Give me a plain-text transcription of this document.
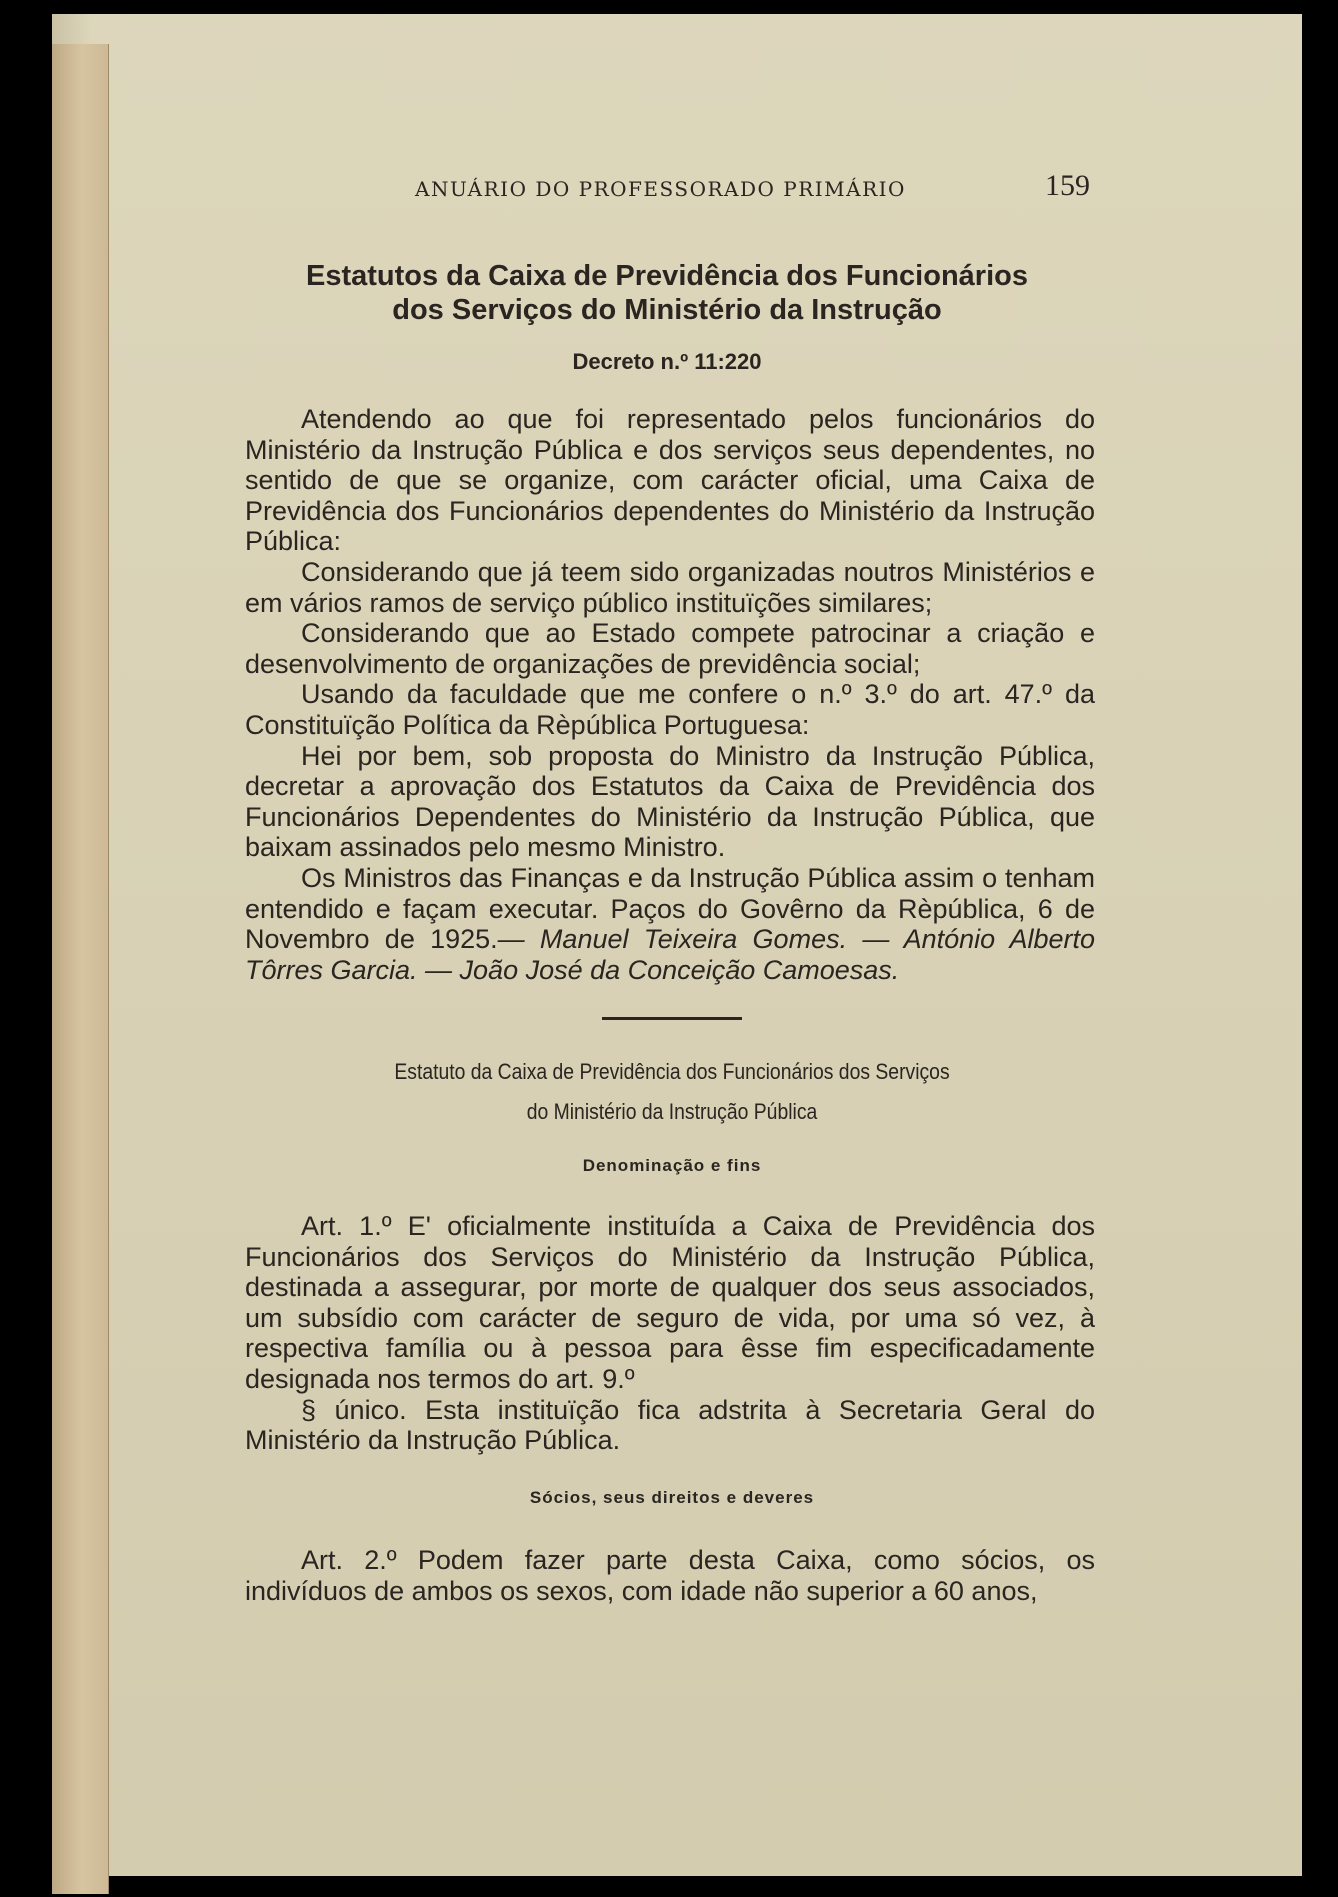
ANUÁRIO DO PROFESSORADO PRIMÁRIO	159
Estatutos da Caixa de Previdência dos Funcionários
dos Serviços do Ministério da Instrução
Decreto n.º 11:220

Atendendo ao que foi representado pelos funcionários do Ministério da Instrução Pública e dos serviços seus dependentes, no sentido de que se organize, com carácter oficial, uma Caixa de Previdência dos Funcionários dependentes do Ministério da Instrução Pública:

Considerando que já teem sido organizadas noutros Ministérios e em vários ramos de serviço público instituïções similares;

Considerando que ao Estado compete patrocinar a criação e desenvolvimento de organizações de previdência social;

Usando da faculdade que me confere o n.º 3.º do art. 47.º da Constituïção Política da Rèpública Portuguesa:

Hei por bem, sob proposta do Ministro da Instrução Pública, decretar a aprovação dos Estatutos da Caixa de Previdência dos Funcionários Dependentes do Ministério da Instrução Pública, que baixam assinados pelo mesmo Ministro.

Os Ministros das Finanças e da Instrução Pública assim o tenham entendido e façam executar. Paços do Govêrno da Rèpública, 6 de Novembro de 1925.— Manuel Teixeira Gomes. — António Alberto Tôrres Garcia. — João José da Conceição Camoesas.

Estatuto da Caixa de Previdência dos Funcionários dos Serviços
do Ministério da Instrução Pública
Denominação e fins

Art. 1.º E' oficialmente instituída a Caixa de Previdência dos Funcionários dos Serviços do Ministério da Instrução Pública, destinada a assegurar, por morte de qualquer dos seus associados, um subsídio com carácter de seguro de vida, por uma só vez, à respectiva família ou à pessoa para êsse fim especificadamente designada nos termos do art. 9.º

§ único. Esta instituïção fica adstrita à Secretaria Geral do Ministério da Instrução Pública.

Sócios, seus direitos e deveres

Art. 2.º Podem fazer parte desta Caixa, como sócios, os indivíduos de ambos os sexos, com idade não superior a 60 anos,
